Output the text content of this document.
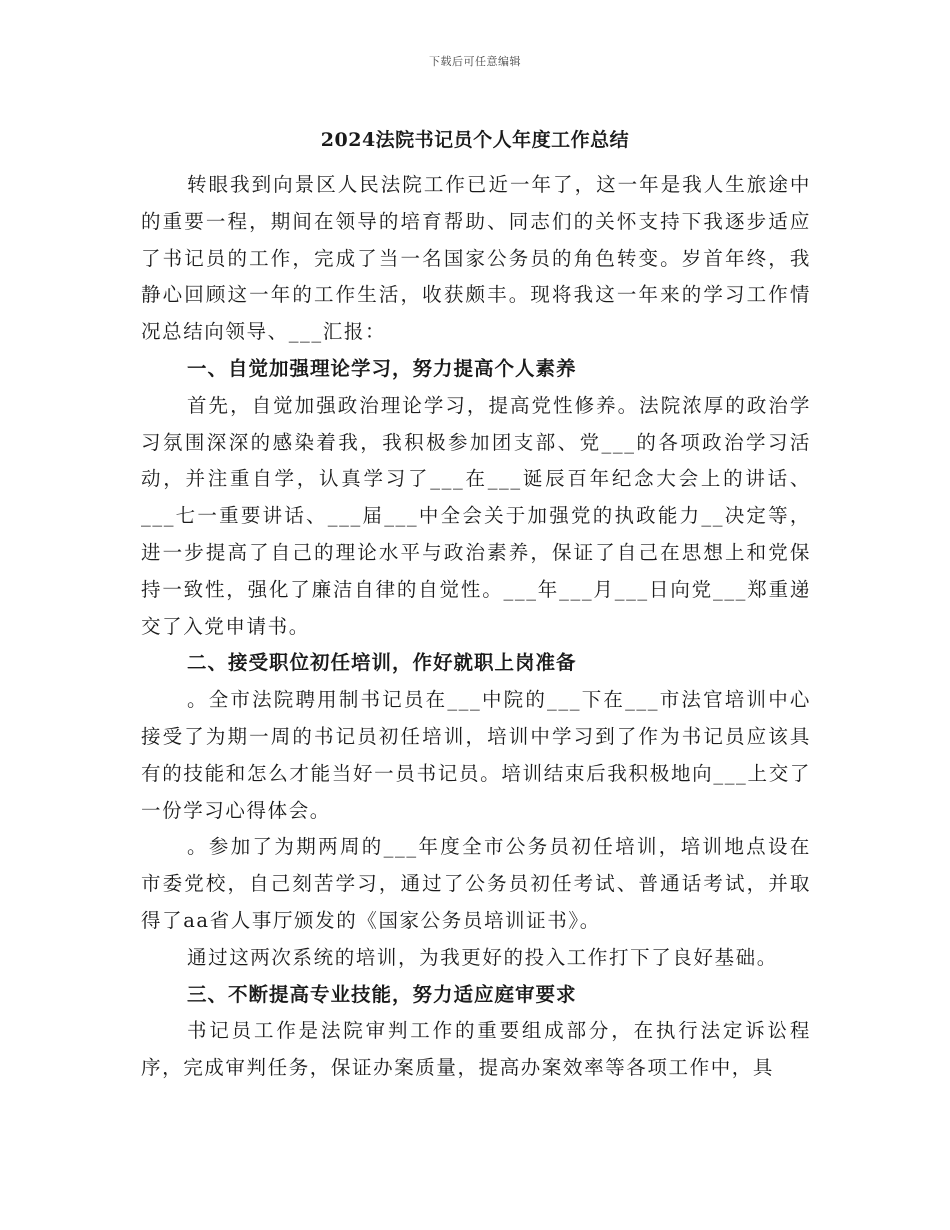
下载后可任意编辑
2024法院书记员个人年度工作总结

转眼我到向景区人民法院工作已近一年了，这一年是我人生旅途中的重要一程，期间在领导的培育帮助、同志们的关怀支持下我逐步适应了书记员的工作，完成了当一名国家公务员的角色转变。岁首年终，我静心回顾这一年的工作生活，收获颇丰。现将我这一年来的学习工作情况总结向领导、___汇报：

一、自觉加强理论学习，努力提高个人素养

首先，自觉加强政治理论学习，提高党性修养。法院浓厚的政治学习氛围深深的感染着我，我积极参加团支部、党___的各项政治学习活动，并注重自学，认真学习了___在___诞辰百年纪念大会上的讲话、___七一重要讲话、___届___中全会关于加强党的执政能力__决定等，进一步提高了自己的理论水平与政治素养，保证了自己在思想上和党保持一致性，强化了廉洁自律的自觉性。___年___月___日向党___郑重递交了入党申请书。

二、接受职位初任培训，作好就职上岗准备

。全市法院聘用制书记员在___中院的___下在___市法官培训中心接受了为期一周的书记员初任培训，培训中学习到了作为书记员应该具有的技能和怎么才能当好一员书记员。培训结束后我积极地向___上交了一份学习心得体会。

。参加了为期两周的___年度全市公务员初任培训，培训地点设在市委党校，自己刻苦学习，通过了公务员初任考试、普通话考试，并取得了aa省人事厅颁发的《国家公务员培训证书》。

通过这两次系统的培训，为我更好的投入工作打下了良好基础。

三、不断提高专业技能，努力适应庭审要求

书记员工作是法院审判工作的重要组成部分，在执行法定诉讼程序，完成审判任务，保证办案质量，提高办案效率等各项工作中，具
